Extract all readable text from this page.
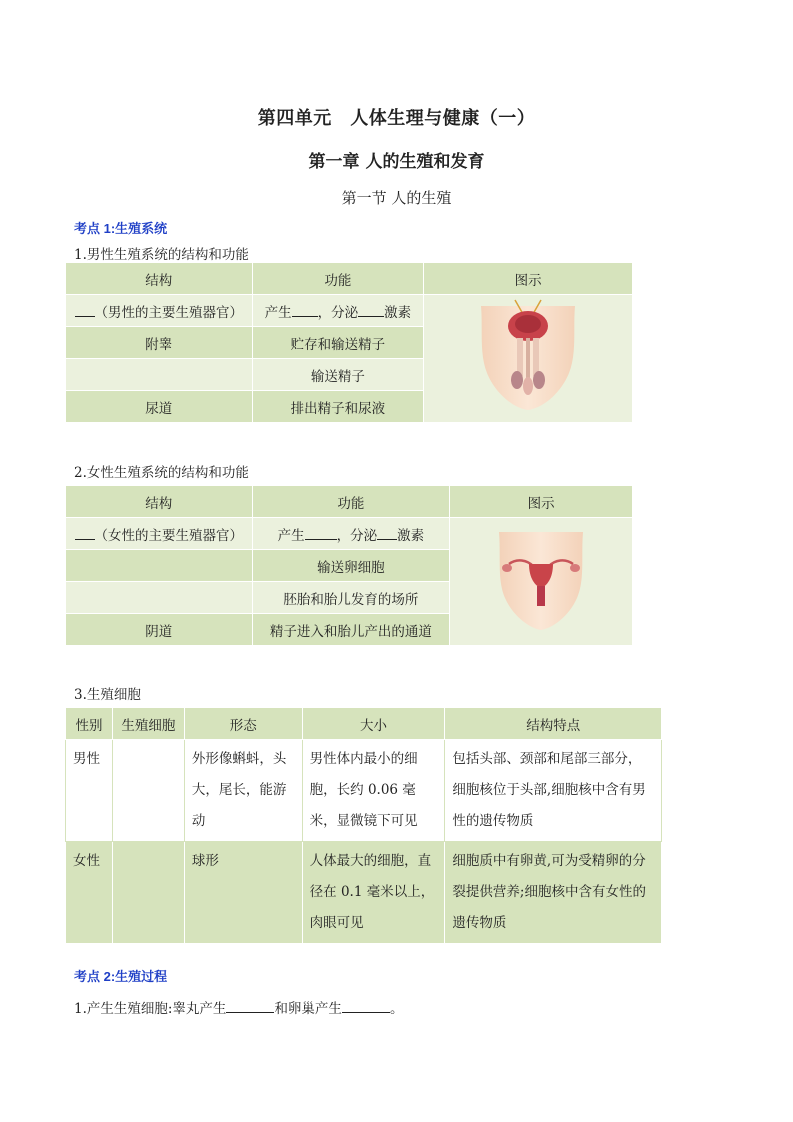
第四单元　人体生理与健康（一）
第一章 人的生殖和发育
第一节 人的生殖
考点 1:生殖系统
1.男性生殖系统的结构和功能
结构	功能	图示
（男性的主要生殖器官）	产生 ，分泌 激素	
附睾	贮存和输送精子	
	输送精子	
尿道	排出精子和尿液	
2.女性生殖系统的结构和功能
结构	功能	图示
（女性的主要生殖器官）	产生 ，分泌 激素	
	输送卵细胞	
	胚胎和胎儿发育的场所	
阴道	精子进入和胎儿产出的通道	
3.生殖细胞
性别	生殖细胞	形态	大小	结构特点
男性		外形像蝌蚪，头大，尾长，能游动	男性体内最小的细胞，长约 0.06 毫米，显微镜下可见	包括头部、颈部和尾部三部分，细胞核位于头部,细胞核中含有男性的遗传物质
女性		球形	人体最大的细胞，直径在 0.1 毫米以上，肉眼可见	细胞质中有卵黄,可为受精卵的分裂提供营养;细胞核中含有女性的遗传物质
考点 2:生殖过程
1.产生生殖细胞:睾丸产生	和卵巢产生	。
